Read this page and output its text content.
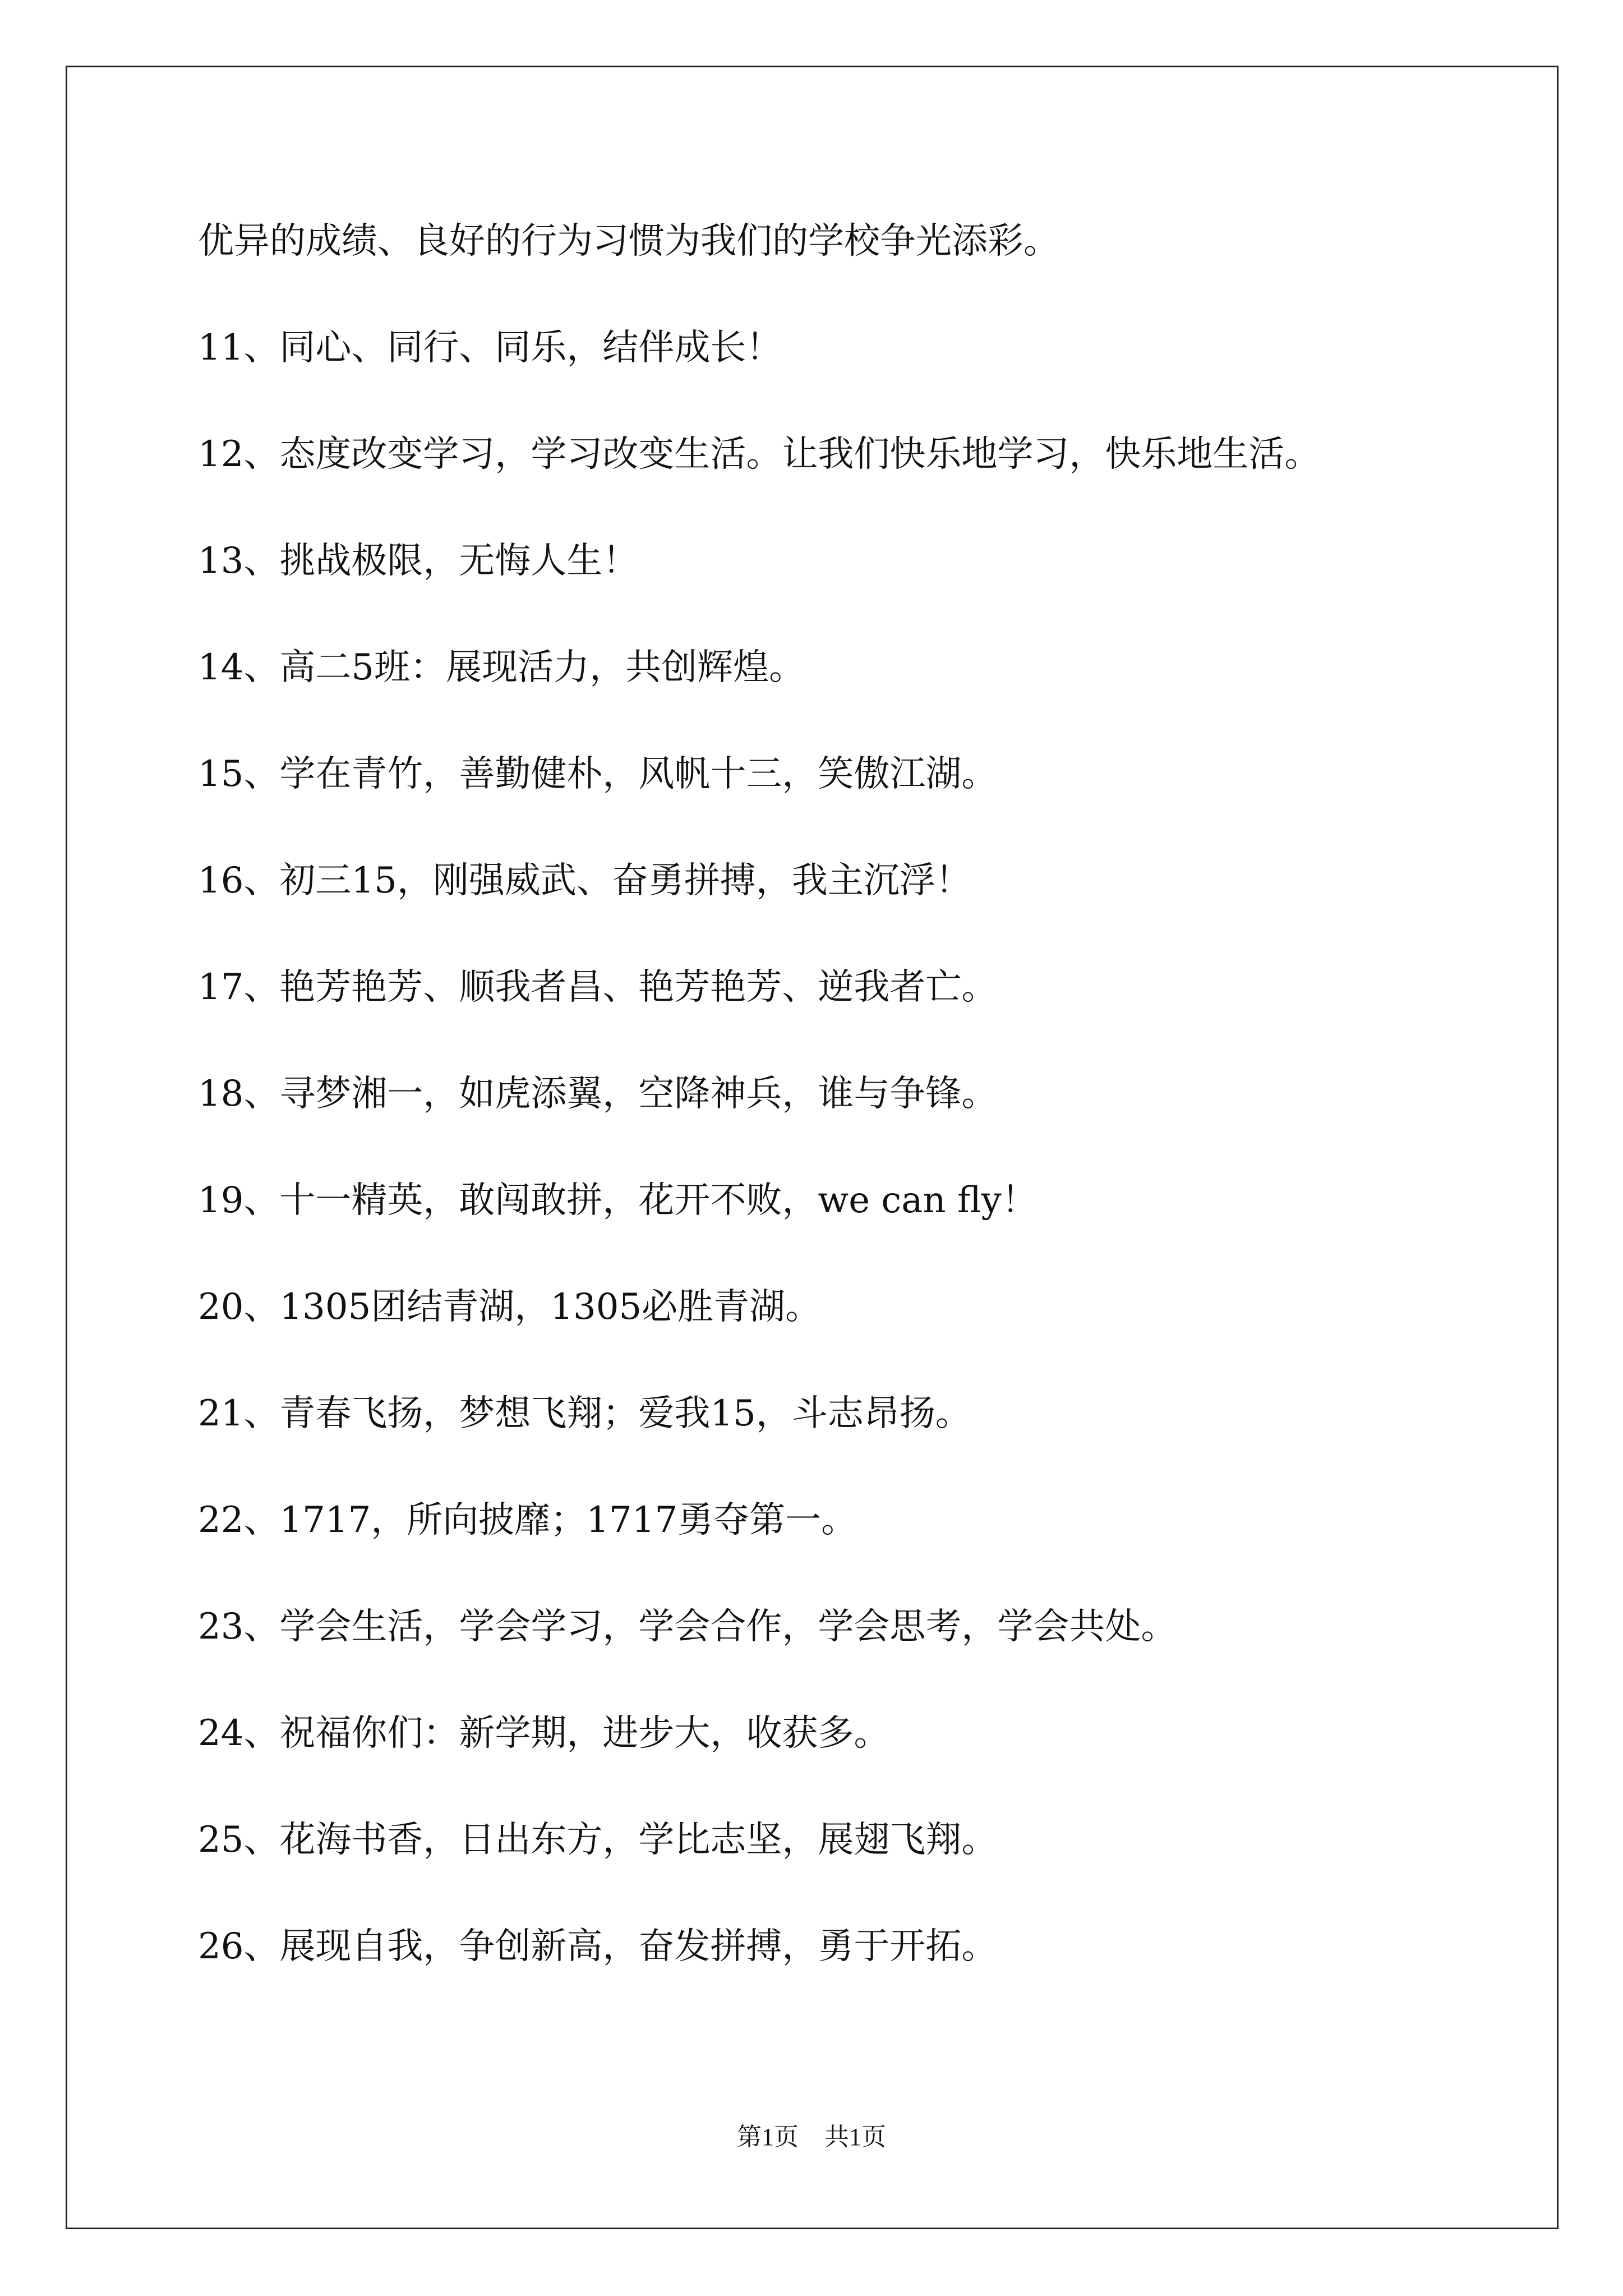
优异的成绩、良好的行为习惯为我们的学校争光添彩。
11、同心、同行、同乐，结伴成长！
12、态度改变学习，学习改变生活。让我们快乐地学习，快乐地生活。
13、挑战极限，无悔人生！
14、高二5班：展现活力，共创辉煌。
15、学在青竹，善勤健朴，风帆十三，笑傲江湖。
16、初三15，刚强威武、奋勇拼搏，我主沉浮！
17、艳芳艳芳、顺我者昌、艳芳艳芳、逆我者亡。
18、寻梦湘一，如虎添翼，空降神兵，谁与争锋。
19、十一精英，敢闯敢拼，花开不败，we can fly！
20、1305团结青湖，1305必胜青湖。
21、青春飞扬，梦想飞翔；爱我15，斗志昂扬。
22、1717，所向披靡；1717勇夺第一。
23、学会生活，学会学习，学会合作，学会思考，学会共处。
24、祝福你们：新学期，进步大，收获多。
25、花海书香，日出东方，学比志坚，展翅飞翔。
26、展现自我，争创新高，奋发拼搏，勇于开拓。
第1页 共1页
